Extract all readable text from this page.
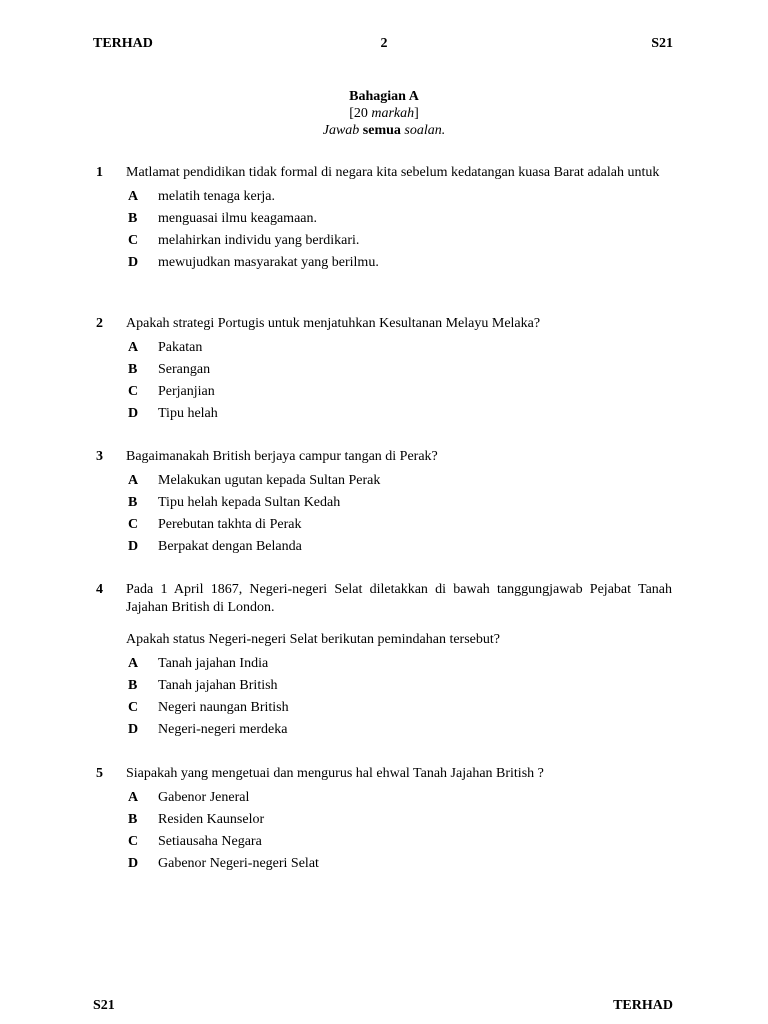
TERHAD	2	S21
Bahagian A
[20 markah]
Jawab semua soalan.
1 Matlamat pendidikan tidak formal di negara kita sebelum kedatangan kuasa Barat adalah untuk
A	melatih tenaga kerja.
B	menguasai ilmu keagamaan.
C	melahirkan individu yang berdikari.
D	mewujudkan masyarakat yang berilmu.
2 Apakah strategi Portugis untuk menjatuhkan Kesultanan Melayu Melaka?
A	Pakatan
B	Serangan
C	Perjanjian
D	Tipu helah
3 Bagaimanakah British berjaya campur tangan di Perak?
A	Melakukan ugutan kepada Sultan Perak
B	Tipu helah kepada Sultan Kedah
C	Perebutan takhta di Perak
D	Berpakat dengan Belanda
4 Pada 1 April 1867, Negeri-negeri Selat diletakkan di bawah tanggungjawab Pejabat Tanah Jajahan British di London.
Apakah status Negeri-negeri Selat berikutan pemindahan tersebut?
A	Tanah jajahan India
B	Tanah jajahan British
C	Negeri naungan British
D	Negeri-negeri merdeka
5 Siapakah yang mengetuai dan mengurus hal ehwal Tanah Jajahan British ?
A	Gabenor Jeneral
B	Residen Kaunselor
C	Setiausaha Negara
D	Gabenor Negeri-negeri Selat
S21	TERHAD
